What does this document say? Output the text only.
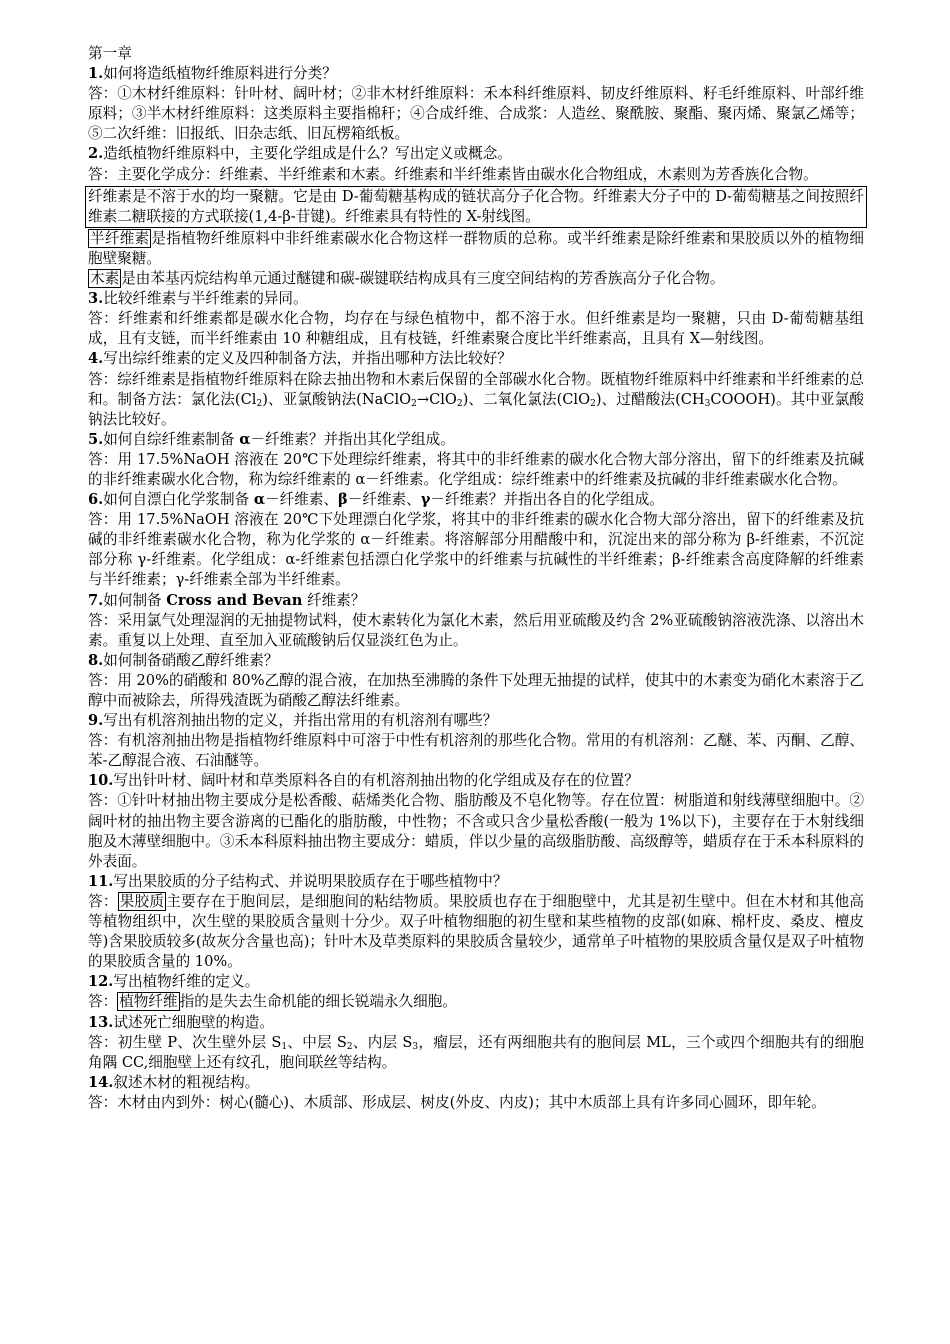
第一章

1.如何将造纸植物纤维原料进行分类？

答：①木材纤维原料：针叶材、阔叶材；②非木材纤维原料：禾本科纤维原料、韧皮纤维原料、籽毛纤维原料、叶部纤维原料；③半木材纤维原料：这类原料主要指棉秆；④合成纤维、合成浆：人造丝、聚酰胺、聚酯、聚丙烯、聚氯乙烯等；⑤二次纤维：旧报纸、旧杂志纸、旧瓦楞箱纸板。

2.造纸植物纤维原料中，主要化学组成是什么？写出定义或概念。

答：主要化学成分：纤维素、半纤维素和木素。纤维素和半纤维素皆由碳水化合物组成，木素则为芳香族化合物。

纤维素是不溶于水的均一聚糖。它是由 D-葡萄糖基构成的链状高分子化合物。纤维素大分子中的 D-葡萄糖基之间按照纤维素二糖联接的方式联接(1,4-β-苷键)。纤维素具有特性的 X-射线图。

半纤维素 是指植物纤维原料中非纤维素碳水化合物这样一群物质的总称。或半纤维素是除纤维素和果胶质以外的植物细胞壁聚糖。

木素 是由苯基丙烷结构单元通过醚键和碳-碳键联结构成具有三度空间结构的芳香族高分子化合物。

3.比较纤维素与半纤维素的异同。

答：纤维素和纤维素都是碳水化合物，均存在与绿色植物中，都不溶于水。但纤维素是均一聚糖，只由 D-葡萄糖基组成，且有支链，而半纤维素由 10 种糖组成，且有枝链，纤维素聚合度比半纤维素高，且具有 X—射线图。

4.写出综纤维素的定义及四种制备方法，并指出哪种方法比较好？

答：综纤维素是指植物纤维原料在除去抽出物和木素后保留的全部碳水化合物。既植物纤维原料中纤维素和半纤维素的总和。制备方法：氯化法$(Cl_2)$、亚氯酸钠法(NaClO$_2$→ClO$_2$)、二氧化氯法(ClO$_2$)、过醋酸法$(CH_3COOOH)$。其中亚氯酸钠法比较好。

5.如何自综纤维素制备 α－纤维素？并指出其化学组成。

答：用 17.5%NaOH 溶液在 20℃下处理综纤维素，将其中的非纤维素的碳水化合物大部分溶出，留下的纤维素及抗碱的非纤维素碳水化合物，称为综纤维素的 α－纤维素。化学组成：综纤维素中的纤维素及抗碱的非纤维素碳水化合物。

6.如何自漂白化学浆制备 α－纤维素、β－纤维素、γ－纤维素？并指出各自的化学组成。

答：用 17.5%NaOH 溶液在 20℃下处理漂白化学浆，将其中的非纤维素的碳水化合物大部分溶出，留下的纤维素及抗碱的非纤维素碳水化合物，称为化学浆的 α－纤维素。将溶解部分用醋酸中和，沉淀出来的部分称为 β-纤维素，不沉淀部分称 γ-纤维素。化学组成：α-纤维素包括漂白化学浆中的纤维素与抗碱性的半纤维素；β-纤维素含高度降解的纤维素与半纤维素；γ-纤维素全部为半纤维素。

7.如何制备 Cross and Bevan 纤维素？

答：采用氯气处理湿润的无抽提物试料，使木素转化为氯化木素，然后用亚硫酸及约含 2%亚硫酸钠溶液洗涤、以溶出木素。重复以上处理、直至加入亚硫酸钠后仅显淡红色为止。

8.如何制备硝酸乙醇纤维素？

答：用 20%的硝酸和 80%乙醇的混合液，在加热至沸腾的条件下处理无抽提的试样，使其中的木素变为硝化木素溶于乙醇中而被除去，所得残渣既为硝酸乙醇法纤维素。

9.写出有机溶剂抽出物的定义，并指出常用的有机溶剂有哪些？

答：有机溶剂抽出物是指植物纤维原料中可溶于中性有机溶剂的那些化合物。常用的有机溶剂：乙醚、苯、丙酮、乙醇、苯-乙醇混合液、石油醚等。

10.写出针叶材、阔叶材和草类原料各自的有机溶剂抽出物的化学组成及存在的位置？

答：①针叶材抽出物主要成分是松香酸、萜烯类化合物、脂肪酸及不皂化物等。存在位置：树脂道和射线薄壁细胞中。②阔叶材的抽出物主要含游离的已酯化的脂肪酸，中性物；不含或只含少量松香酸(一般为 1%以下)，主要存在于木射线细胞及木薄壁细胞中。③禾本科原料抽出物主要成分：蜡质，伴以少量的高级脂肪酸、高级醇等，蜡质存在于禾本科原料的外表面。

11.写出果胶质的分子结构式、并说明果胶质存在于哪些植物中？

答： 果胶质 主要存在于胞间层，是细胞间的粘结物质。果胶质也存在于细胞壁中，尤其是初生壁中。但在木材和其他高等植物组织中，次生壁的果胶质含量则十分少。双子叶植物细胞的初生壁和某些植物的皮部(如麻、棉杆皮、桑皮、檀皮等)含果胶质较多(故灰分含量也高)；针叶木及草类原料的果胶质含量较少，通常单子叶植物的果胶质含量仅是双子叶植物的果胶质含量的 10%。

12.写出植物纤维的定义。

答： 植物纤维 指的是失去生命机能的细长锐端永久细胞。

13.试述死亡细胞壁的构造。

答：初生壁 P、次生壁外层 $S_1$、中层 $S_2$、内层 $S_3$，瘤层，还有两细胞共有的胞间层 ML，三个或四个细胞共有的细胞角隅 CC,细胞壁上还有纹孔，胞间联丝等结构。

14.叙述木材的粗视结构。

答：木材由内到外：树心(髓心)、木质部、形成层、树皮(外皮、内皮)；其中木质部上具有许多同心圆环，即年轮。
